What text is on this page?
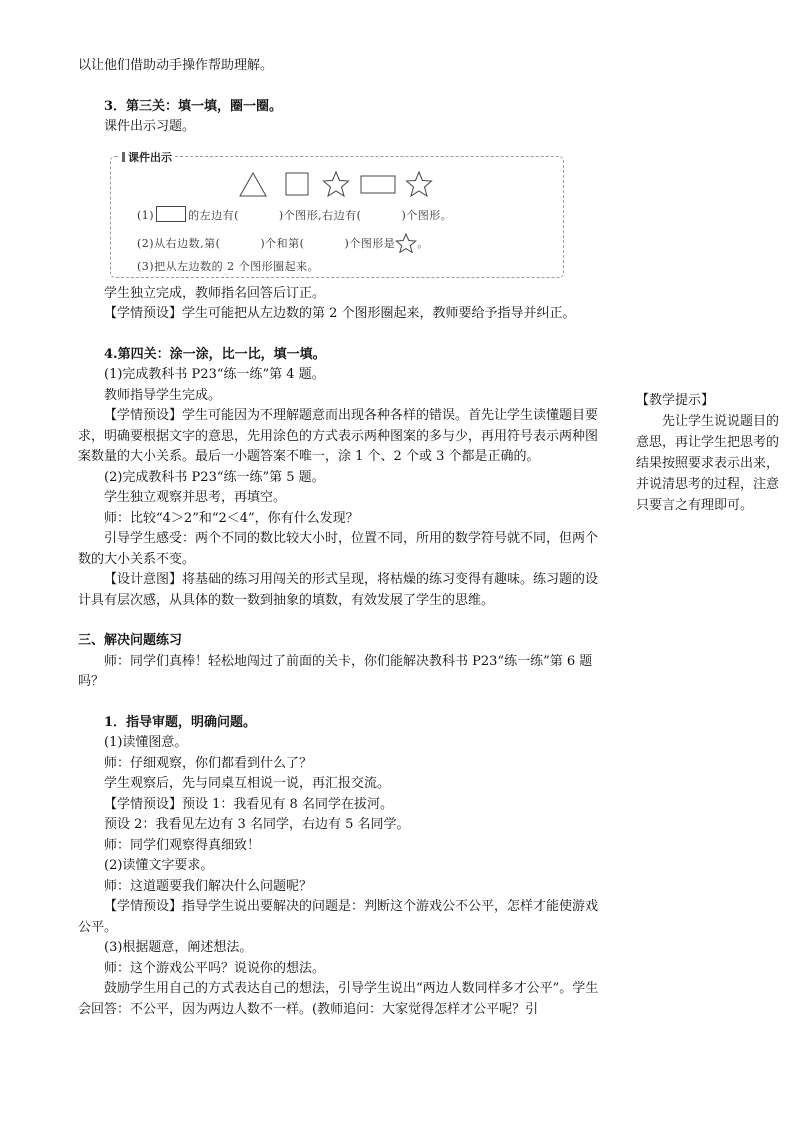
以让他们借助动手操作帮助理解。

3．第三关：填一填，圈一圈。

课件出示习题。

课件出示
(1)	的左边有(	)个图形,右边有(	)个图形。
(2)从右边数,第(	)个和第(	)个图形是 。
(3)把从左边数的 2 个图形圈起来。

学生独立完成，教师指名回答后订正。

【学情预设】学生可能把从左边数的第 2 个图形圈起来，教师要给予指导并纠正。

4.第四关：涂一涂，比一比，填一填。

(1)完成教科书 P23“练一练”第 4 题。

教师指导学生完成。

【学情预设】学生可能因为不理解题意而出现各种各样的错误。首先让学生读懂题目要求，明确要根据文字的意思，先用涂色的方式表示两种图案的多与少，再用符号表示两种图案数量的大小关系。最后一小题答案不唯一，涂 1 个、2 个或 3 个都是正确的。

(2)完成教科书 P23“练一练”第 5 题。

学生独立观察并思考，再填空。

师：比较“4＞2”和“2＜4”，你有什么发现？

引导学生感受：两个不同的数比较大小时，位置不同，所用的数学符号就不同，但两个数的大小关系不变。

【设计意图】将基础的练习用闯关的形式呈现，将枯燥的练习变得有趣味。练习题的设计具有层次感，从具体的数一数到抽象的填数，有效发展了学生的思维。

三、解决问题练习

师：同学们真棒！轻松地闯过了前面的关卡，你们能解决教科书 P23“练一练”第 6 题吗？

1．指导审题，明确问题。

(1)读懂图意。

师：仔细观察，你们都看到什么了？

学生观察后，先与同桌互相说一说，再汇报交流。

【学情预设】预设 1：我看见有 8 名同学在拔河。

预设 2：我看见左边有 3 名同学，右边有 5 名同学。

师：同学们观察得真细致！

(2)读懂文字要求。

师：这道题要我们解决什么问题呢？

【学情预设】指导学生说出要解决的问题是：判断这个游戏公不公平，怎样才能使游戏公平。

(3)根据题意，阐述想法。

师：这个游戏公平吗？说说你的想法。

鼓励学生用自己的方式表达自己的想法，引导学生说出“两边人数同样多才公平”。学生会回答：不公平，因为两边人数不一样。(教师追问：大家觉得怎样才公平呢？引

【教学提示】

先让学生说说题目的意思，再让学生把思考的结果按照要求表示出来，并说清思考的过程，注意只要言之有理即可。
